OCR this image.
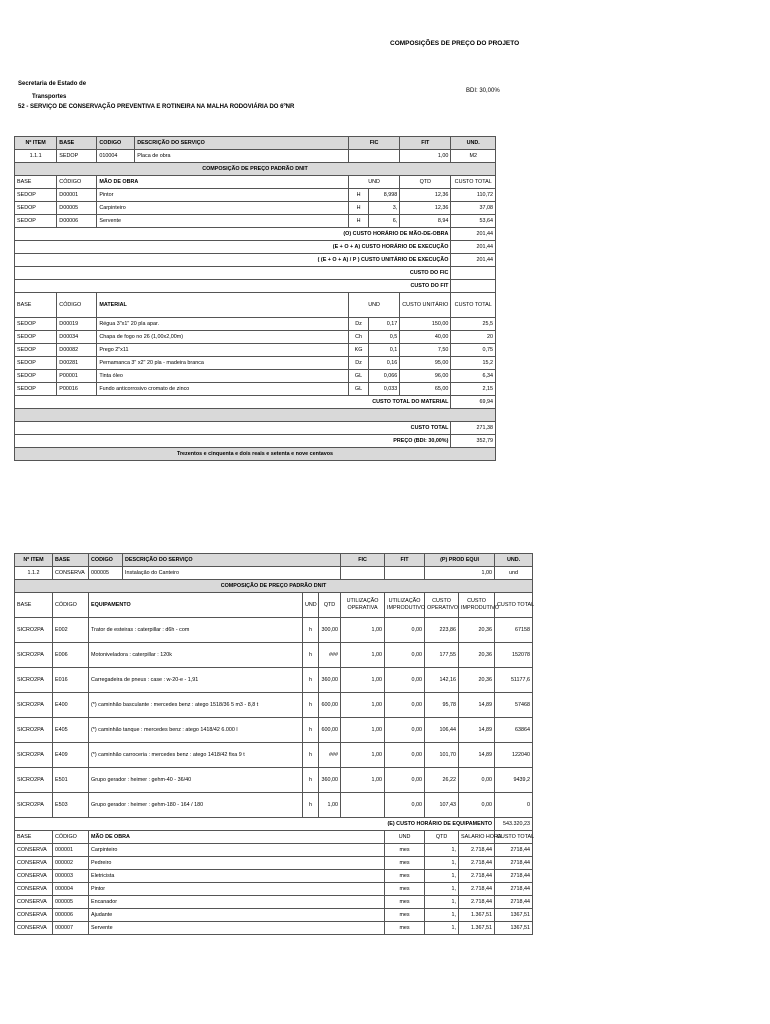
COMPOSIÇÕES DE PREÇO DO PROJETO
Secretaria de Estado de
Transportes
52 - SERVIÇO DE CONSERVAÇÃO PREVENTIVA E ROTINEIRA NA MALHA RODOVIÁRIA DO 6ºNR
BDI: 30,00%
Nº ITEM	BASE	CODIGO	DESCRIÇÃO DO SERVIÇO	FIC		FIT	UND.
1.1.1	SEDOP	010004	Placa de obra			1,00	M2
COMPOSIÇÃO DE PREÇO PADRÃO DNIT							
BASE	CÓDIGO	MÃO DE OBRA		UND		QTD	CUSTO TOTAL
SEDOP	D00001	Pintor		H	8,998	12,36	110,72
SEDOP	D00005	Carpinteiro		H	3,	12,36	37,08
SEDOP	D00006	Servente		H	6,	8,94	53,64
(O) CUSTO HORÁRIO DE MÃO-DE-OBRA							201,44
(E + O + A) CUSTO HORÁRIO DE EXECUÇÃO							201,44
( (E + O + A) / P ) CUSTO UNITÁRIO DE EXECUÇÃO							201,44
CUSTO DO FIC							
CUSTO DO FIT							
BASE	CÓDIGO	MATERIAL		UND		CUSTO UNITÁRIO	CUSTO TOTAL
SEDOP	D00019	Régua 3"x1" 20 pla apar.		Dz	0,17	150,00	25,5
SEDOP	D00034	Chapa de fogo no 26 (1,00x2,00m)		Ch	0,5	40,00	20
SEDOP	D00082	Prego 2"x11		KG	0,1	7,50	0,75
SEDOP	D00281	Pernamanca 3" x2" 20 pla - madeira branca		Dz	0,16	95,00	15,2
SEDOP	P00001	Tinta óleo		GL	0,066	96,00	6,34
SEDOP	P00016	Fundo anticorrosivo cromato de zinco		GL	0,033	65,00	2,15
CUSTO TOTAL DO MATERIAL							69,94

CUSTO TOTAL							271,38
PREÇO (BDI: 30,00%)							352,79
Trezentos e cinquenta e dois reais e setenta e nove centavos							
Nº ITEM	BASE	CODIGO	DESCRIÇÃO DO SERVIÇO			FIC	FIT	(P) PROD EQUI		UND.
1.1.2	CONSERVA	000005	Instalação do Canteiro					1,00		und
COMPOSIÇÃO DE PREÇO PADRÃO DNIT										
BASE	CÓDIGO	EQUIPAMENTO		UND	QTD	UTILIZAÇÃO OPERATIVA	UTILIZAÇÃO IMPRODUTIVO	CUSTO OPERATIVO	CUSTO IMPRODUTIVO	CUSTO TOTAL
SICRO2PA	E002	Trator de esteiras : caterpillar : d6h - com		h	300,00	1,00	0,00	223,86	20,36	67158
SICRO2PA	E006	Motoniveladora : caterpillar : 120k		h	###	1,00	0,00	177,55	20,36	152078
SICRO2PA	E016	Carregadeira de pneus : case : w-20-e - 1,91		h	360,00	1,00	0,00	142,16	20,36	51177,6
SICRO2PA	E400	(*) caminhão basculante : mercedes benz : atego 1518/36 5 m3 - 8,8 t		h	600,00	1,00	0,00	95,78	14,89	57468
SICRO2PA	E405	(*) caminhão tanque : mercedes benz : atego 1418/42 6.000 l		h	600,00	1,00	0,00	106,44	14,89	63864
SICRO2PA	E409	(*) caminhão carroceria : mercedes benz : atego 1418/42 fixa 9 t		h	###	1,00	0,00	101,70	14,89	122040
SICRO2PA	E501	Grupo gerador : heimer : gehm-40 - 36/40		h	360,00	1,00	0,00	26,22	0,00	9439,2
SICRO2PA	E503	Grupo gerador : heimer : gehm-180 - 164 / 180		h	1,00		0,00	107,43	0,00	0
(E) CUSTO HORÁRIO DE EQUIPAMENTO										543.320,23
BASE	CÓDIGO	MÃO DE OBRA					UND	QTD	SALARIO HORA	CUSTO TOTAL
CONSERVA	000001	Carpinteiro					mes	1,	2.718,44	2718,44
CONSERVA	000002	Pedreiro					mes	1,	2.718,44	2718,44
CONSERVA	000003	Eletricista					mes	1,	2.718,44	2718,44
CONSERVA	000004	Pintor					mes	1,	2.718,44	2718,44
CONSERVA	000005	Encanador					mes	1,	2.718,44	2718,44
CONSERVA	000006	Ajudante					mes	1,	1.367,51	1367,51
CONSERVA	000007	Servente					mes	1,	1.367,51	1367,51
